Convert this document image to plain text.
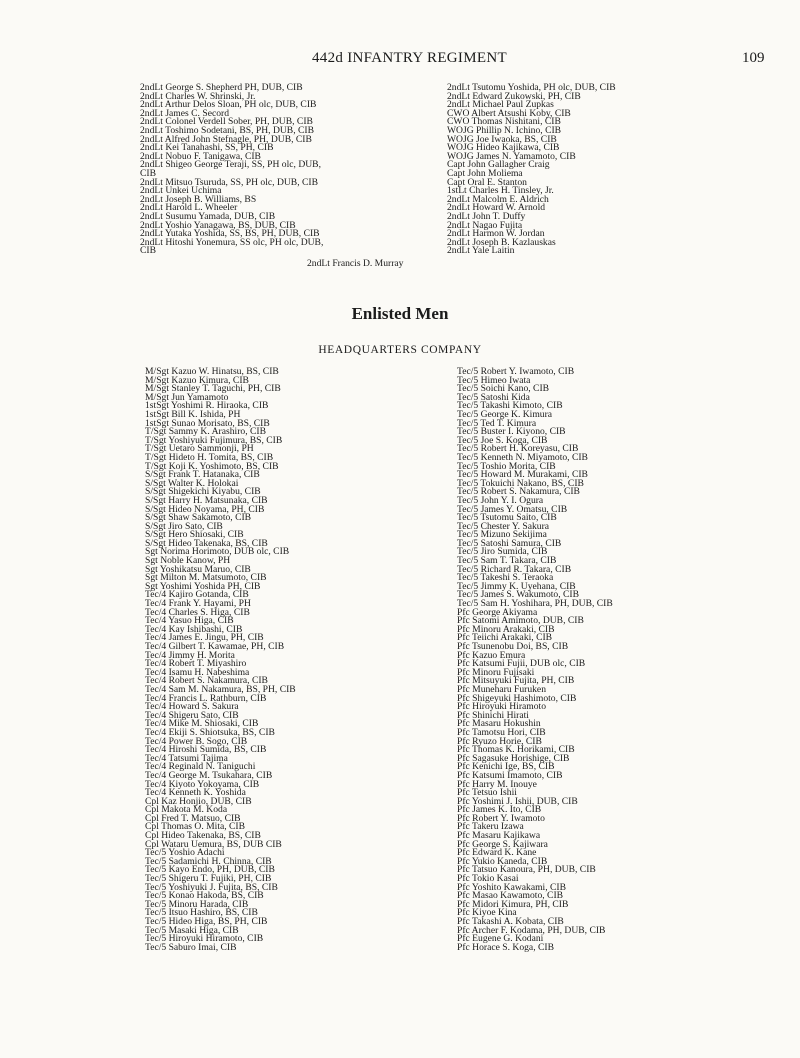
442d INFANTRY REGIMENT	109
2ndLt George S. Shepherd PH, DUB, CIB
2ndLt Charles W. Shrinski, Jr.
2ndLt Arthur Delos Sloan, PH olc, DUB, CIB
2ndLt James C. Secord
2ndLt Colonel Verdell Sober, PH, DUB, CIB
2ndLt Toshimo Sodetani, BS, PH, DUB, CIB
2ndLt Alfred John Stefnagle, PH, DUB, CIB
2ndLt Kei Tanahashi, SS, PH, CIB
2ndLt Nobuo F. Tanigawa, CIB
2ndLt Shigeo George Teraji, SS, PH olc, DUB,
CIB
2ndLt Mitsuo Tsuruda, SS, PH olc, DUB, CIB
2ndLt Unkei Uchima
2ndLt Joseph B. Williams, BS
2ndLt Harold L. Wheeler
2ndLt Susumu Yamada, DUB, CIB
2ndLt Yoshio Yanagawa, BS, DUB, CIB
2ndLt Yutaka Yoshida, SS, BS, PH, DUB, CIB
2ndLt Hitoshi Yonemura, SS olc, PH olc, DUB,
CIB
2ndLt Tsutomu Yoshida, PH olc, DUB, CIB
2ndLt Edward Zukowski, PH, CIB
2ndLt Michael Paul Zupkas
CWO Albert Atsushi Koby, CIB
CWO Thomas Nishitani, CIB
WOJG Phillip N. Ichino, CIB
WOJG Joe Iwaoka, BS, CIB
WOJG Hideo Kajikawa, CIB
WOJG James N. Yamamoto, CIB
Capt John Gallagher Craig
Capt John Moliema
Capt Oral E. Stanton
1stLt Charles H. Tinsley, Jr.
2ndLt Malcolm E. Aldrich
2ndLt Howard W. Arnold
2ndLt John T. Duffy
2ndLt Nagao Fujita
2ndLt Harmon W. Jordan
2ndLt Joseph B. Kazlauskas
2ndLt Yale Laitin
2ndLt Francis D. Murray
Enlisted Men
HEADQUARTERS COMPANY
M/Sgt Kazuo W. Hinatsu, BS, CIB
M/Sgt Kazuo Kimura, CIB
M/Sgt Stanley T. Taguchi, PH, CIB
M/Sgt Jun Yamamoto
1stSgt Yoshimi R. Hiraoka, CIB
1stSgt Bill K. Ishida, PH
1stSgt Sunao Morisato, BS, CIB
T/Sgt Sammy K. Arashiro, CIB
T/Sgt Yoshiyuki Fujimura, BS, CIB
T/Sgt Uetaro Sammonji, PH
T/Sgt Hideto H. Tomita, BS, CIB
T/Sgt Koji K. Yoshimoto, BS, CIB
S/Sgt Frank T. Hatanaka, CIB
S/Sgt Walter K. Holokai
S/Sgt Shigekichi Kiyabu, CIB
S/Sgt Harry H. Matsunaka, CIB
S/Sgt Hideo Noyama, PH, CIB
S/Sgt Shaw Sakamoto, CIB
S/Sgt Jiro Sato, CIB
S/Sgt Hero Shiosaki, CIB
S/Sgt Hideo Takenaka, BS, CIB
Sgt Norima Horimoto, DUB olc, CIB
Sgt Noble Kanow, PH
Sgt Yoshikatsu Maruo, CIB
Sgt Milton M. Matsumoto, CIB
Sgt Yoshimi Yoshida PH, CIB
Tec/4 Kajiro Gotanda, CIB
Tec/4 Frank Y. Hayami, PH
Tec/4 Charles S. Higa, CIB
Tec/4 Yasuo Higa, CIB
Tec/4 Kay Ishibashi, CIB
Tec/4 James E. Jingu, PH, CIB
Tec/4 Gilbert T. Kawamae, PH, CIB
Tec/4 Jimmy H. Morita
Tec/4 Robert T. Miyashiro
Tec/4 Isamu H. Nabeshima
Tec/4 Robert S. Nakamura, CIB
Tec/4 Sam M. Nakamura, BS, PH, CIB
Tec/4 Francis L. Rathburn, CIB
Tec/4 Howard S. Sakura
Tec/4 Shigeru Sato, CIB
Tec/4 Mike M. Shiosaki, CIB
Tec/4 Ekiji S. Shiotsuka, BS, CIB
Tec/4 Power B. Sogo, CIB
Tec/4 Hiroshi Sumida, BS, CIB
Tec/4 Tatsumi Tajima
Tec/4 Reginald N. Taniguchi
Tec/4 George M. Tsukahara, CIB
Tec/4 Kiyoto Yokoyama, CIB
Tec/4 Kenneth K. Yoshida
Cpl Kaz Honjio, DUB, CIB
Cpl Makota M. Koda
Cpl Fred T. Matsuo, CIB
Cpl Thomas O. Mita, CIB
Cpl Hideo Takenaka, BS, CIB
Cpl Wataru Uemura, BS, DUB CIB
Tec/5 Yoshio Adachi
Tec/5 Sadamichi H. Chinna, CIB
Tec/5 Kayo Endo, PH, DUB, CIB
Tec/5 Shigeru T. Fujiki, PH, CIB
Tec/5 Yoshiyuki J. Fujita, BS, CIB
Tec/5 Konao Hakoda, BS, CIB
Tec/5 Minoru Harada, CIB
Tec/5 Itsuo Hashiro, BS, CIB
Tec/5 Hideo Higa, BS, PH, CIB
Tec/5 Masaki Higa, CIB
Tec/5 Hiroyuki Hiramoto, CIB
Tec/5 Saburo Imai, CIB
Tec/5 Robert Y. Iwamoto, CIB
Tec/5 Himeo Iwata
Tec/5 Soichi Kano, CIB
Tec/5 Satoshi Kida
Tec/5 Takashi Kimoto, CIB
Tec/5 George K. Kimura
Tec/5 Ted T. Kimura
Tec/5 Buster I. Kiyono, CIB
Tec/5 Joe S. Koga, CIB
Tec/5 Robert H. Koreyasu, CIB
Tec/5 Kenneth N. Miyamoto, CIB
Tec/5 Toshio Morita, CIB
Tec/5 Howard M. Murakami, CIB
Tec/5 Tokuichi Nakano, BS, CIB
Tec/5 Robert S. Nakamura, CIB
Tec/5 John Y. I. Ogura
Tec/5 James Y. Omatsu, CIB
Tec/5 Tsutomu Saito, CIB
Tec/5 Chester Y. Sakura
Tec/5 Mizuno Sekijima
Tec/5 Satoshi Samura, CIB
Tec/5 Jiro Sumida, CIB
Tec/5 Sam T. Takara, CIB
Tec/5 Richard R. Takara, CIB
Tec/5 Takeshi S. Teraoka
Tec/5 Jimmy K. Uyehana, CIB
Tec/5 James S. Wakumoto, CIB
Tec/5 Sam H. Yoshihara, PH, DUB, CIB
Pfc George Akiyama
Pfc Satomi Amimoto, DUB, CIB
Pfc Minoru Arakaki, CIB
Pfc Teiichi Arakaki, CIB
Pfc Tsunenobu Doi, BS, CIB
Pfc Kazuo Emura
Pfc Katsumi Fujii, DUB olc, CIB
Pfc Minoru Fujisaki
Pfc Mitsuyuki Fujita, PH, CIB
Pfc Muneharu Furuken
Pfc Shigeyuki Hashimoto, CIB
Pfc Hiroyuki Hiramoto
Pfc Shinichi Hirati
Pfc Masaru Hokushin
Pfc Tamotsu Hori, CIB
Pfc Ryuzo Horie, CIB
Pfc Thomas K. Horikami, CIB
Pfc Sagasuke Horishige, CIB
Pfc Kenichi Ige, BS, CIB
Pfc Katsumi Imamoto, CIB
Pfc Harry M. Inouye
Pfc Tetsuo Ishii
Pfc Yoshimi J. Ishii, DUB, CIB
Pfc James K. Ito, CIB
Pfc Robert Y. Iwamoto
Pfc Takeru Izawa
Pfc Masaru Kajikawa
Pfc George S. Kajiwara
Pfc Edward K. Kane
Pfc Yukio Kaneda, CIB
Pfc Tatsuo Kanoura, PH, DUB, CIB
Pfc Tokio Kasai
Pfc Yoshito Kawakami, CIB
Pfc Masao Kawamoto, CIB
Pfc Midori Kimura, PH, CIB
Pfc Kiyoe Kina
Pfc Takashi A. Kobata, CIB
Pfc Archer F. Kodama, PH, DUB, CIB
Pfc Eugene G. Kodani
Pfc Horace S. Koga, CIB
